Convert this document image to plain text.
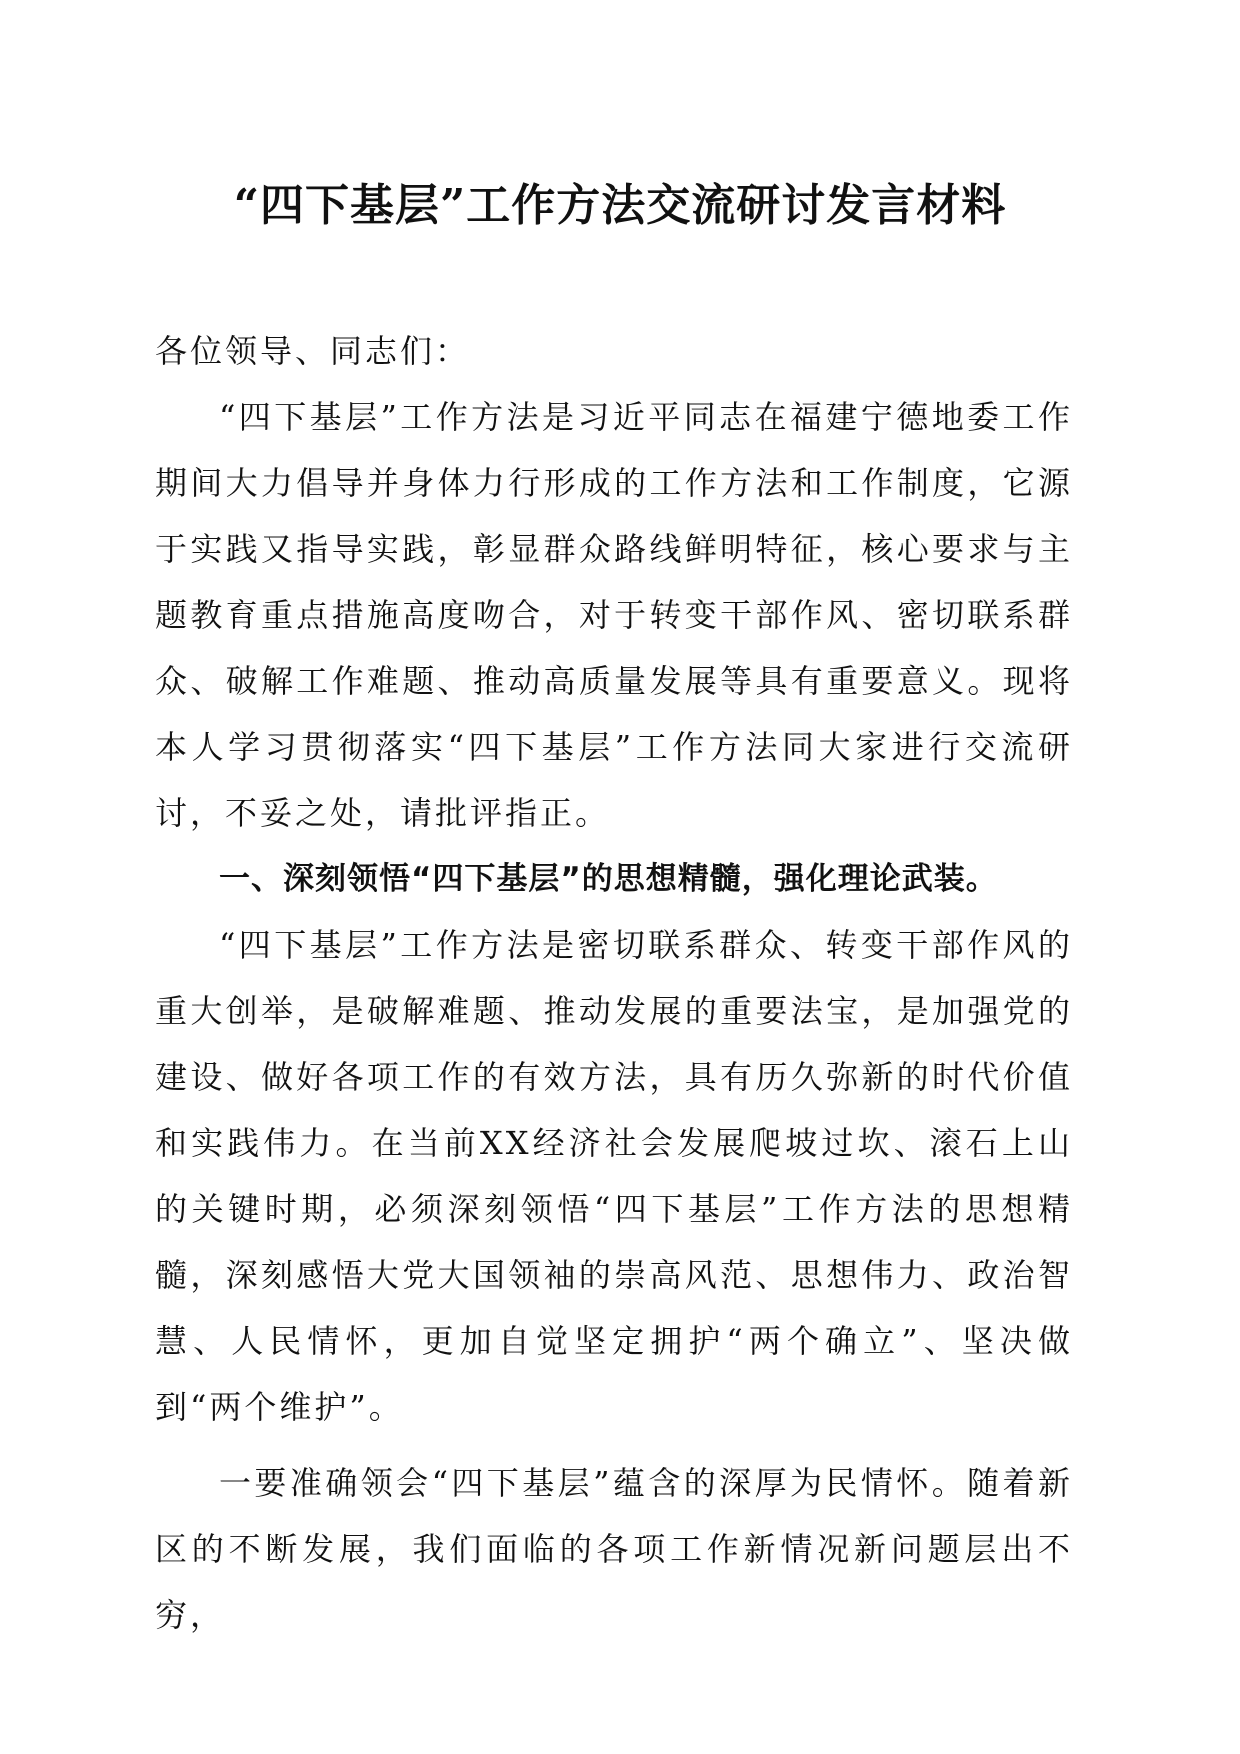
“四下基层”工作方法交流研讨发言材料

各位领导、同志们：

“四下基层”工作方法是习近平同志在福建宁德地委工作期间大力倡导并身体力行形成的工作方法和工作制度，它源于实践又指导实践，彰显群众路线鲜明特征，核心要求与主题教育重点措施高度吻合，对于转变干部作风、密切联系群众、破解工作难题、推动高质量发展等具有重要意义。现将本人学习贯彻落实“四下基层”工作方法同大家进行交流研讨，不妥之处，请批评指正。

一、深刻领悟“四下基层”的思想精髓，强化理论武装。

“四下基层”工作方法是密切联系群众、转变干部作风的重大创举，是破解难题、推动发展的重要法宝，是加强党的建设、做好各项工作的有效方法，具有历久弥新的时代价值和实践伟力。在当前XX经济社会发展爬坡过坎、滚石上山的关键时期，必须深刻领悟“四下基层”工作方法的思想精髓，深刻感悟大党大国领袖的崇高风范、思想伟力、政治智慧、人民情怀，更加自觉坚定拥护“两个确立”、坚决做到“两个维护”。

一要准确领会“四下基层”蕴含的深厚为民情怀。随着新区的不断发展，我们面临的各项工作新情况新问题层出不穷，
